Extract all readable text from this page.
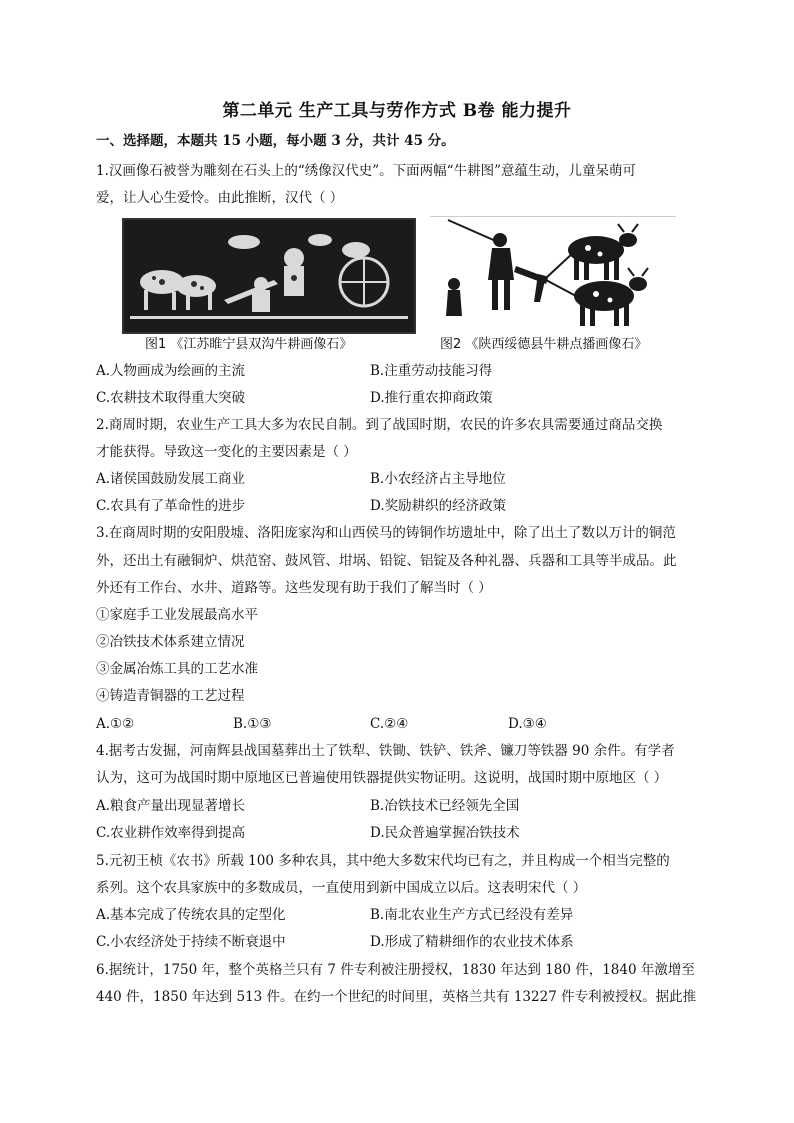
第二单元 生产工具与劳作方式 B卷 能力提升
一、选择题，本题共 15 小题，每小题 3 分，共计 45 分。
1.汉画像石被誉为雕刻在石头上的“绣像汉代史”。下面两幅“牛耕图”意蕴生动，儿童呆萌可
爱，让人心生爱怜。由此推断，汉代（ ）
图1 《江苏睢宁县双沟牛耕画像石》	图2 《陕西绥德县牛耕点播画像石》
A.人物画成为绘画的主流	B.注重劳动技能习得
C.农耕技术取得重大突破	D.推行重农抑商政策
2.商周时期，农业生产工具大多为农民自制。到了战国时期，农民的许多农具需要通过商品交换
才能获得。导致这一变化的主要因素是（ ）
A.诸侯国鼓励发展工商业	B.小农经济占主导地位
C.农具有了革命性的进步	D.奖励耕织的经济政策
3.在商周时期的安阳殷墟、洛阳庞家沟和山西侯马的铸铜作坊遗址中，除了出土了数以万计的铜范
外，还出土有融铜炉、烘范窑、鼓风管、坩埚、铅锭、铝锭及各种礼器、兵器和工具等半成品。此
外还有工作台、水井、道路等。这些发现有助于我们了解当时（ ）
①家庭手工业发展最高水平
②冶铁技术体系建立情况
③金属冶炼工具的工艺水准
④铸造青铜器的工艺过程
A.①②	B.①③	C.②④	D.③④
4.据考古发掘，河南辉县战国墓葬出土了铁犁、铁锄、铁铲、铁斧、镰刀等铁器 90 余件。有学者
认为，这可为战国时期中原地区已普遍使用铁器提供实物证明。这说明，战国时期中原地区（ ）
A.粮食产量出现显著增长	B.冶铁技术已经领先全国
C.农业耕作效率得到提高	D.民众普遍掌握冶铁技术
5.元初王桢《农书》所载 100 多种农具，其中绝大多数宋代均已有之，并且构成一个相当完整的
系列。这个农具家族中的多数成员，一直使用到新中国成立以后。这表明宋代（ ）
A.基本完成了传统农具的定型化	B.南北农业生产方式已经没有差异
C.小农经济处于持续不断衰退中	D.形成了精耕细作的农业技术体系
6.据统计，1750 年，整个英格兰只有 7 件专利被注册授权，1830 年达到 180 件，1840 年激增至
440 件，1850 年达到 513 件。在约一个世纪的时间里，英格兰共有 13227 件专利被授权。据此推
